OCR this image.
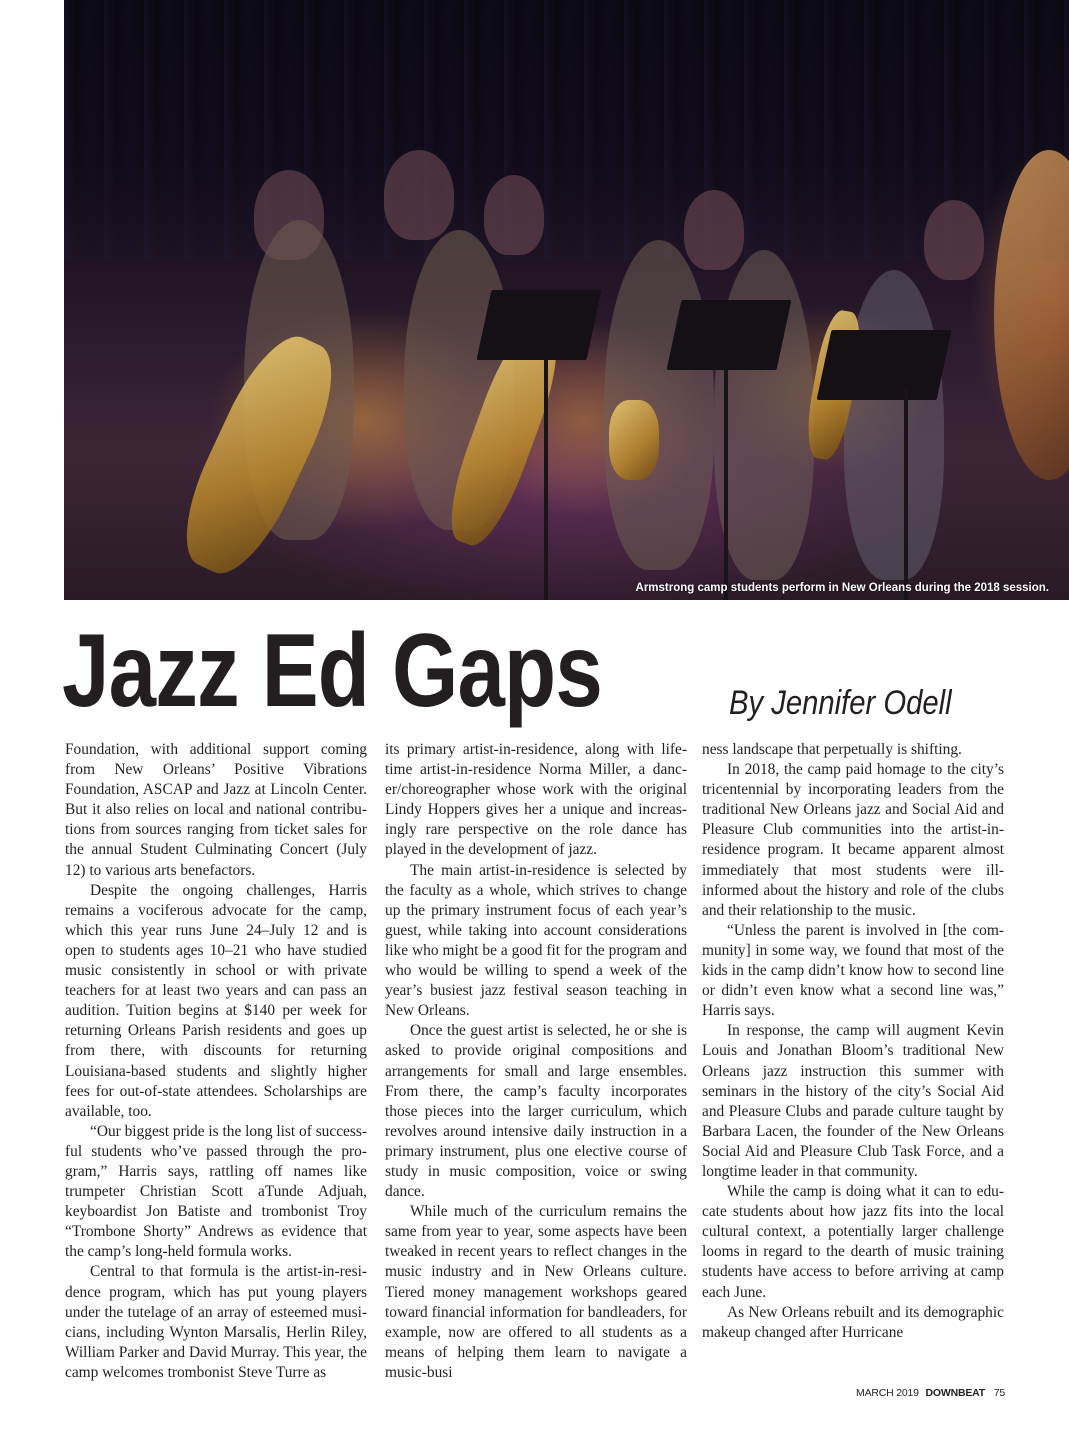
Armstrong camp students perform in New Orleans during the 2018 session.
Jazz Ed Gaps	By Jennifer Odell

Foundation, with additional support coming from New Orleans’ Positive Vibrations Foundation, ASCAP and Jazz at Lincoln Center. But it also relies on local and national contributions from sources ranging from ticket sales for the annual Student Culminating Concert (July 12) to various arts benefactors.

Despite the ongoing challenges, Harris remains a vociferous advocate for the camp, which this year runs June 24–July 12 and is open to students ages 10–21 who have studied music consistently in school or with private teachers for at least two years and can pass an audition. Tuition begins at $140 per week for returning Orleans Parish residents and goes up from there, with discounts for returning Louisiana-based students and slightly higher fees for out-of-state attendees. Scholarships are available, too.

“Our biggest pride is the long list of successful students who’ve passed through the program,” Harris says, rattling off names like trumpeter Christian Scott aTunde Adjuah, keyboardist Jon Batiste and trombonist Troy “Trombone Shorty” Andrews as evidence that the camp’s long-held formula works.

Central to that formula is the artist-in-residence program, which has put young players under the tutelage of an array of esteemed musicians, including Wynton Marsalis, Herlin Riley, William Parker and David Murray. This year, the camp welcomes trombonist Steve Turre as

its primary artist-in-residence, along with lifetime artist-in-residence Norma Miller, a dancer/choreographer whose work with the original Lindy Hoppers gives her a unique and increasingly rare perspective on the role dance has played in the development of jazz.

The main artist-in-residence is selected by the faculty as a whole, which strives to change up the primary instrument focus of each year’s guest, while taking into account considerations like who might be a good fit for the program and who would be willing to spend a week of the year’s busiest jazz festival season teaching in New Orleans.

Once the guest artist is selected, he or she is asked to provide original compositions and arrangements for small and large ensembles. From there, the camp’s faculty incorporates those pieces into the larger curriculum, which revolves around intensive daily instruction in a primary instrument, plus one elective course of study in music composition, voice or swing dance.

While much of the curriculum remains the same from year to year, some aspects have been tweaked in recent years to reflect changes in the music industry and in New Orleans culture. Tiered money management workshops geared toward financial information for bandleaders, for example, now are offered to all students as a means of helping them learn to navigate a music-busi

ness landscape that perpetually is shifting.

In 2018, the camp paid homage to the city’s tricentennial by incorporating leaders from the traditional New Orleans jazz and Social Aid and Pleasure Club communities into the artist-in-residence program. It became apparent almost immediately that most students were ill-informed about the history and role of the clubs and their relationship to the music.

“Unless the parent is involved in [the community] in some way, we found that most of the kids in the camp didn’t know how to second line or didn’t even know what a second line was,” Harris says.

In response, the camp will augment Kevin Louis and Jonathan Bloom’s traditional New Orleans jazz instruction this summer with seminars in the history of the city’s Social Aid and Pleasure Clubs and parade culture taught by Barbara Lacen, the founder of the New Orleans Social Aid and Pleasure Club Task Force, and a longtime leader in that community.

While the camp is doing what it can to educate students about how jazz fits into the local cultural context, a potentially larger challenge looms in regard to the dearth of music training students have access to before arriving at camp each June.

As New Orleans rebuilt and its demographic makeup changed after Hurricane

MARCH 2019 DOWNBEAT 75
